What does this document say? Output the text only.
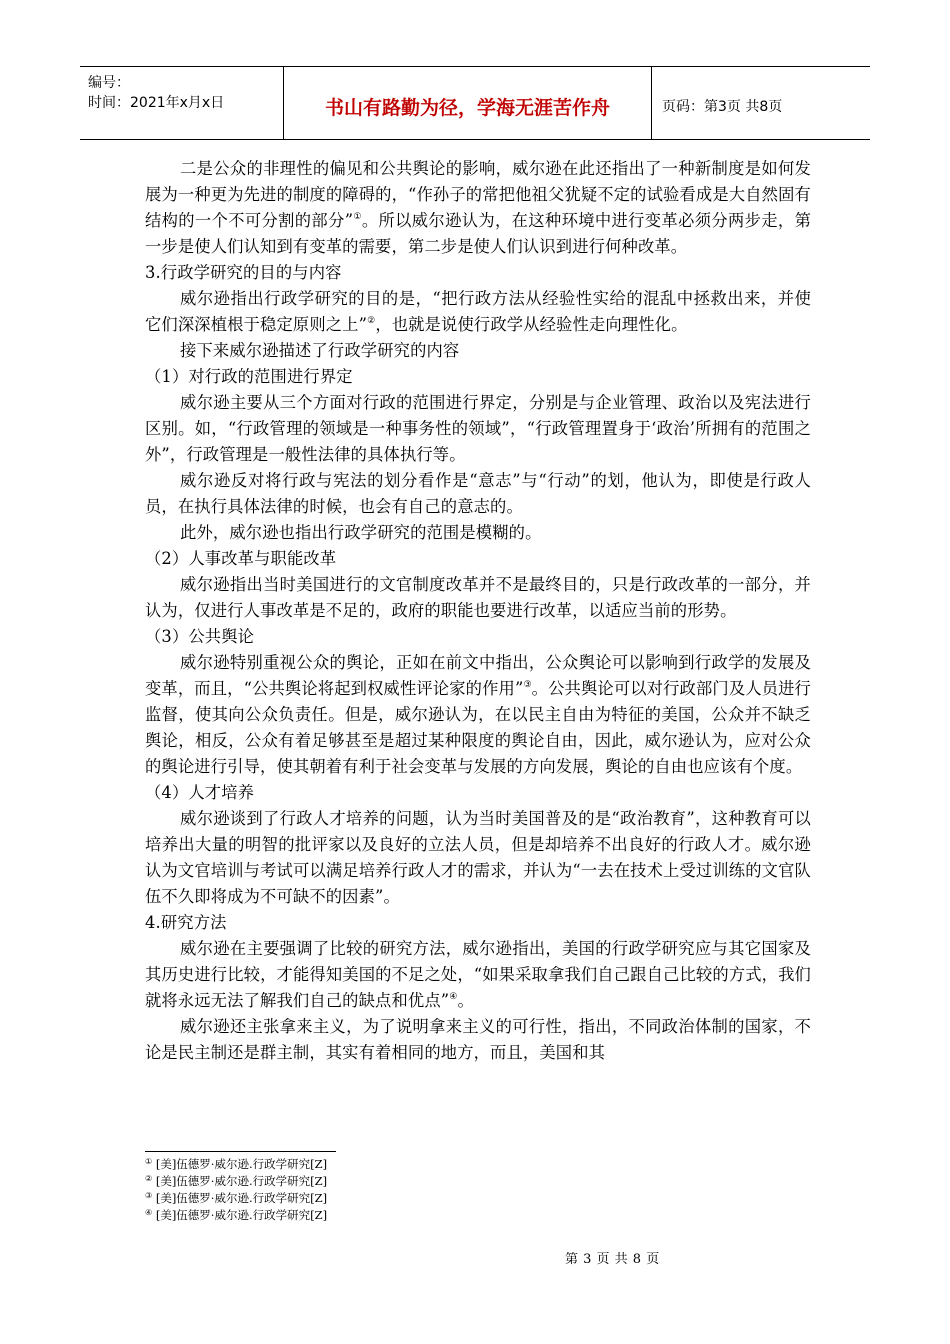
编号：
时间：2021年x月x日	书山有路勤为径，学海无涯苦作舟	页码：第3页 共8页

二是公众的非理性的偏见和公共舆论的影响，威尔逊在此还指出了一种新制度是如何发展为一种更为先进的制度的障碍的，“作孙子的常把他祖父犹疑不定的试验看成是大自然固有结构的一个不可分割的部分”①。所以威尔逊认为，在这种环境中进行变革必须分两步走，第一步是使人们认知到有变革的需要，第二步是使人们认识到进行何种改革。

3.行政学研究的目的与内容

威尔逊指出行政学研究的目的是，“把行政方法从经验性实给的混乱中拯救出来，并使它们深深植根于稳定原则之上”②，也就是说使行政学从经验性走向理性化。

接下来威尔逊描述了行政学研究的内容

（1）对行政的范围进行界定

威尔逊主要从三个方面对行政的范围进行界定，分别是与企业管理、政治以及宪法进行区别。如，“行政管理的领域是一种事务性的领域”，“行政管理置身于‘政治’所拥有的范围之外”，行政管理是一般性法律的具体执行等。

威尔逊反对将行政与宪法的划分看作是“意志”与“行动”的划，他认为，即使是行政人员，在执行具体法律的时候，也会有自己的意志的。

此外，威尔逊也指出行政学研究的范围是模糊的。

（2）人事改革与职能改革

威尔逊指出当时美国进行的文官制度改革并不是最终目的，只是行政改革的一部分，并认为，仅进行人事改革是不足的，政府的职能也要进行改革，以适应当前的形势。

（3）公共舆论

威尔逊特别重视公众的舆论，正如在前文中指出，公众舆论可以影响到行政学的发展及变革，而且，“公共舆论将起到权威性评论家的作用”③。公共舆论可以对行政部门及人员进行监督，使其向公众负责任。但是，威尔逊认为，在以民主自由为特征的美国，公众并不缺乏舆论，相反，公众有着足够甚至是超过某种限度的舆论自由，因此，威尔逊认为，应对公众的舆论进行引导，使其朝着有利于社会变革与发展的方向发展，舆论的自由也应该有个度。

（4）人才培养

威尔逊谈到了行政人才培养的问题，认为当时美国普及的是“政治教育”，这种教育可以培养出大量的明智的批评家以及良好的立法人员，但是却培养不出良好的行政人才。威尔逊认为文官培训与考试可以满足培养行政人才的需求，并认为“一去在技术上受过训练的文官队伍不久即将成为不可缺不的因素”。

4.研究方法

威尔逊在主要强调了比较的研究方法，威尔逊指出，美国的行政学研究应与其它国家及其历史进行比较，才能得知美国的不足之处，“如果采取拿我们自己跟自己比较的方式，我们就将永远无法了解我们自己的缺点和优点”④。

威尔逊还主张拿来主义，为了说明拿来主义的可行性，指出，不同政治体制的国家，不论是民主制还是群主制，其实有着相同的地方，而且，美国和其

① [美]伍德罗·威尔逊.行政学研究[Z]
② [美]伍德罗·威尔逊.行政学研究[Z]
③ [美]伍德罗·威尔逊.行政学研究[Z]
④ [美]伍德罗·威尔逊.行政学研究[Z]
第 3 页 共 8 页
